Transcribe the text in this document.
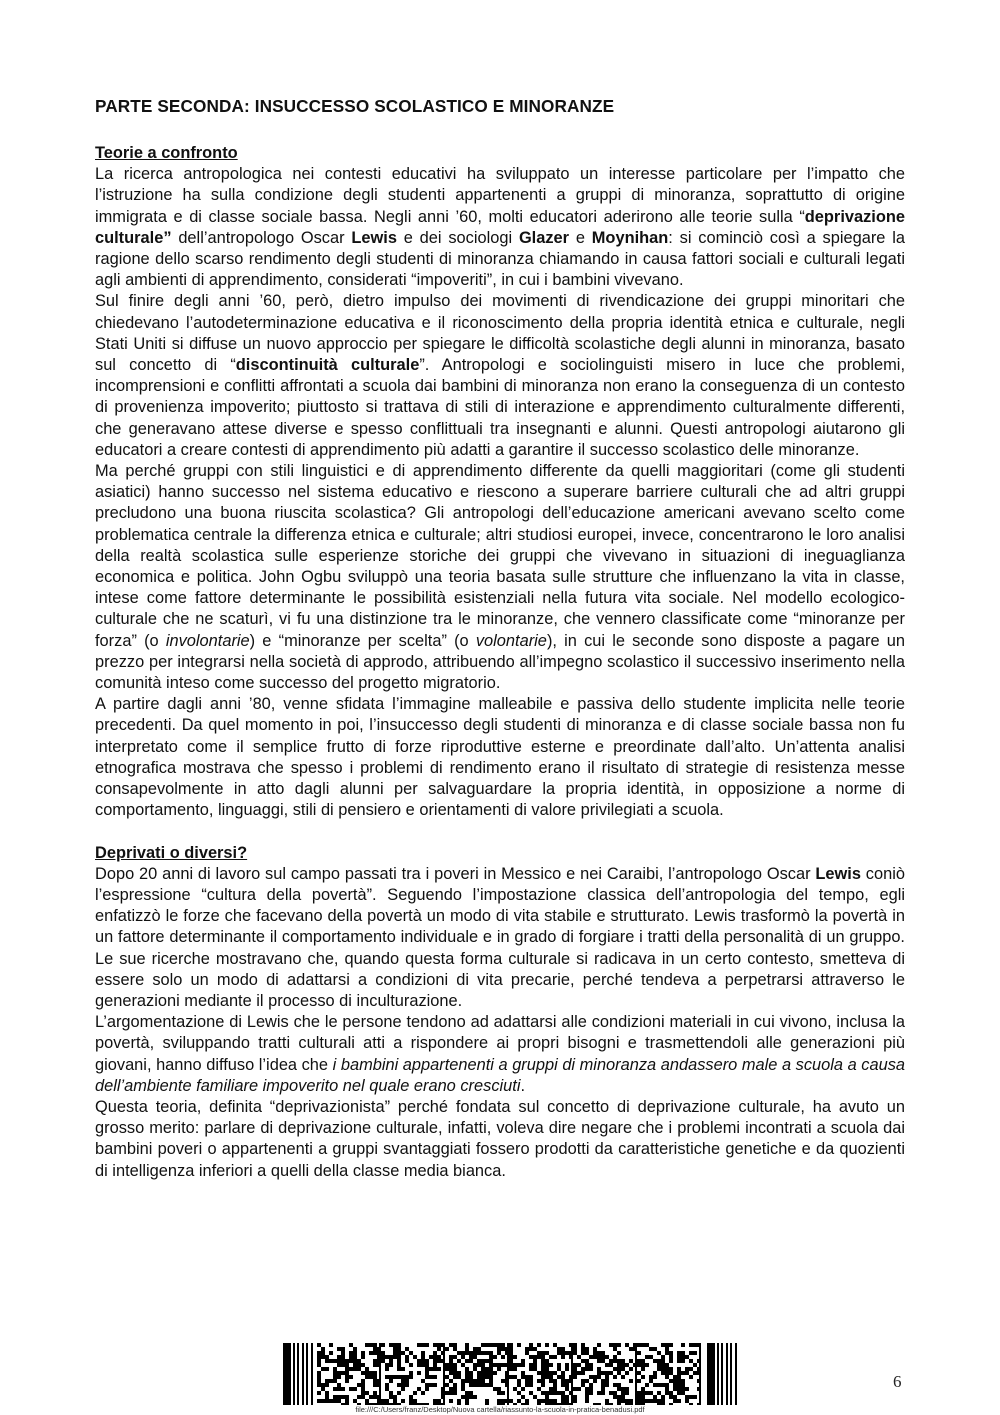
PARTE SECONDA: INSUCCESSO SCOLASTICO E MINORANZE
Teorie a confronto

La ricerca antropologica nei contesti educativi ha sviluppato un interesse particolare per l’impatto che l’istruzione ha sulla condizione degli studenti appartenenti a gruppi di minoranza, soprattutto di origine immigrata e di classe sociale bassa. Negli anni ’60, molti educatori aderirono alle teorie sulla “deprivazione culturale” dell’antropologo Oscar Lewis e dei sociologi Glazer e Moynihan: si cominciò così a spiegare la ragione dello scarso rendimento degli studenti di minoranza chiamando in causa fattori sociali e culturali legati agli ambienti di apprendimento, considerati “impoveriti”, in cui i bambini vivevano.

Sul finire degli anni ’60, però, dietro impulso dei movimenti di rivendicazione dei gruppi minoritari che chiedevano l’autodeterminazione educativa e il riconoscimento della propria identità etnica e culturale, negli Stati Uniti si diffuse un nuovo approccio per spiegare le difficoltà scolastiche degli alunni in minoranza, basato sul concetto di “discontinuità culturale”. Antropologi e sociolinguisti misero in luce che problemi, incomprensioni e conflitti affrontati a scuola dai bambini di minoranza non erano la conseguenza di un contesto di provenienza impoverito; piuttosto si trattava di stili di interazione e apprendimento culturalmente differenti, che generavano attese diverse e spesso conflittuali tra insegnanti e alunni. Questi antropologi aiutarono gli educatori a creare contesti di apprendimento più adatti a garantire il successo scolastico delle minoranze.

Ma perché gruppi con stili linguistici e di apprendimento differente da quelli maggioritari (come gli studenti asiatici) hanno successo nel sistema educativo e riescono a superare barriere culturali che ad altri gruppi precludono una buona riuscita scolastica? Gli antropologi dell’educazione americani avevano scelto come problematica centrale la differenza etnica e culturale; altri studiosi europei, invece, concentrarono le loro analisi della realtà scolastica sulle esperienze storiche dei gruppi che vivevano in situazioni di ineguaglianza economica e politica. John Ogbu sviluppò una teoria basata sulle strutture che influenzano la vita in classe, intese come fattore determinante le possibilità esistenziali nella futura vita sociale. Nel modello ecologico-culturale che ne scaturì, vi fu una distinzione tra le minoranze, che vennero classificate come “minoranze per forza” (o involontarie) e “minoranze per scelta” (o volontarie), in cui le seconde sono disposte a pagare un prezzo per integrarsi nella società di approdo, attribuendo all’impegno scolastico il successivo inserimento nella comunità inteso come successo del progetto migratorio.

A partire dagli anni ’80, venne sfidata l’immagine malleabile e passiva dello studente implicita nelle teorie precedenti. Da quel momento in poi, l’insuccesso degli studenti di minoranza e di classe sociale bassa non fu interpretato come il semplice frutto di forze riproduttive esterne e preordinate dall’alto. Un’attenta analisi etnografica mostrava che spesso i problemi di rendimento erano il risultato di strategie di resistenza messe consapevolmente in atto dagli alunni per salvaguardare la propria identità, in opposizione a norme di comportamento, linguaggi, stili di pensiero e orientamenti di valore privilegiati a scuola.

Deprivati o diversi?

Dopo 20 anni di lavoro sul campo passati tra i poveri in Messico e nei Caraibi, l’antropologo Oscar Lewis coniò l’espressione “cultura della povertà”. Seguendo l’impostazione classica dell’antropologia del tempo, egli enfatizzò le forze che facevano della povertà un modo di vita stabile e strutturato. Lewis trasformò la povertà in un fattore determinante il comportamento individuale e in grado di forgiare i tratti della personalità di un gruppo. Le sue ricerche mostravano che, quando questa forma culturale si radicava in un certo contesto, smetteva di essere solo un modo di adattarsi a condizioni di vita precarie, perché tendeva a perpetrarsi attraverso le generazioni mediante il processo di inculturazione.

L’argomentazione di Lewis che le persone tendono ad adattarsi alle condizioni materiali in cui vivono, inclusa la povertà, sviluppando tratti culturali atti a rispondere ai propri bisogni e trasmettendoli alle generazioni più giovani, hanno diffuso l’idea che i bambini appartenenti a gruppi di minoranza andassero male a scuola a causa dell’ambiente familiare impoverito nel quale erano cresciuti.

Questa teoria, definita “deprivazionista” perché fondata sul concetto di deprivazione culturale, ha avuto un grosso merito: parlare di deprivazione culturale, infatti, voleva dire negare che i problemi incontrati a scuola dai bambini poveri o appartenenti a gruppi svantaggiati fossero prodotti da caratteristiche genetiche e da quozienti di intelligenza inferiori a quelli della classe media bianca.

6
file:///C:/Users/franz/Desktop/Nuova cartella/riassunto-la-scuola-in-pratica-benadusi.pdf
